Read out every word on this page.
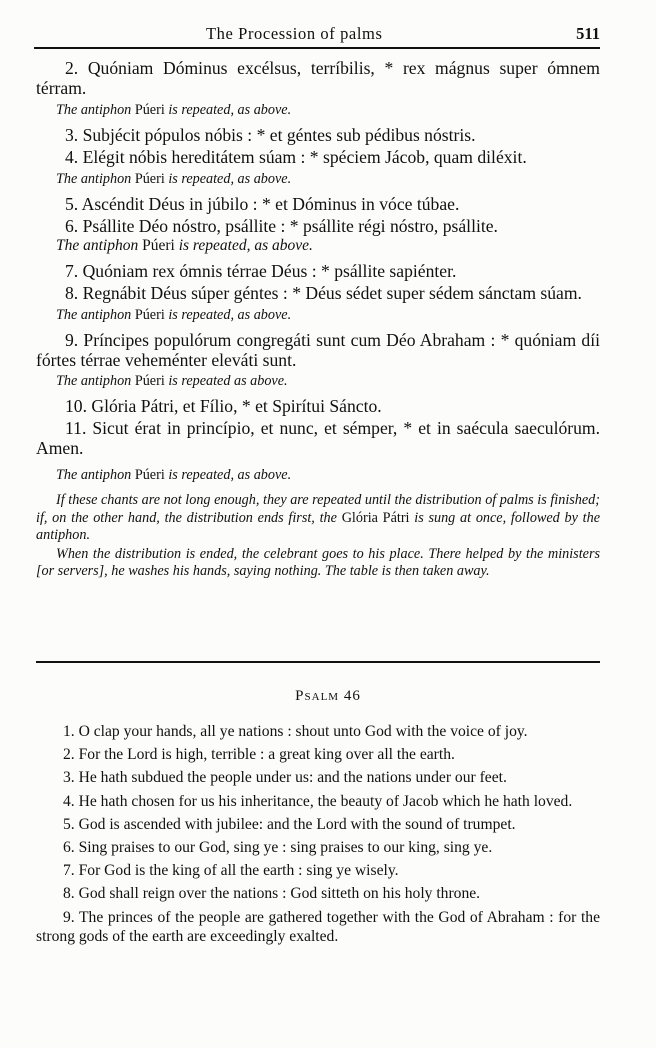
The Procession of palms	511

2. Quóniam Dóminus excélsus, terríbilis, * rex mágnus super ómnem térram.

The antiphon Púeri is repeated, as above.

3. Subjécit pópulos nóbis : * et géntes sub pédibus nóstris.

4. Elégit nóbis hereditátem súam : * spéciem Jácob, quam diléxit.

The antiphon Púeri is repeated, as above.

5. Ascéndit Déus in júbilo : * et Dóminus in vóce túbae.

6. Psállite Déo nóstro, psállite : * psállite régi nóstro, psállite.

The antiphon Púeri is repeated, as above.

7. Quóniam rex ómnis térrae Déus : * psállite sapiénter.

8. Regnábit Déus súper géntes : * Déus sédet super sédem sánctam súam.

The antiphon Púeri is repeated, as above.

9. Príncipes populórum congregáti sunt cum Déo Abraham : * quóniam díi fórtes térrae veheménter eleváti sunt.

The antiphon Púeri is repeated as above.

10. Glória Pátri, et Fílio, * et Spirítui Sáncto.

11. Sicut érat in princípio, et nunc, et sémper, * et in saécula saeculórum. Amen.

The antiphon Púeri is repeated, as above.

If these chants are not long enough, they are repeated until the distribution of palms is finished; if, on the other hand, the distribution ends first, the Glória Pátri is sung at once, followed by the antiphon.

When the distribution is ended, the celebrant goes to his place. There helped by the ministers [or servers], he washes his hands, saying nothing. The table is then taken away.

Psalm 46

1. O clap your hands, all ye nations : shout unto God with the voice of joy.

2. For the Lord is high, terrible : a great king over all the earth.

3. He hath subdued the people under us: and the nations under our feet.

4. He hath chosen for us his inheritance, the beauty of Jacob which he hath loved.

5. God is ascended with jubilee: and the Lord with the sound of trumpet.

6. Sing praises to our God, sing ye : sing praises to our king, sing ye.

7. For God is the king of all the earth : sing ye wisely.

8. God shall reign over the nations : God sitteth on his holy throne.

9. The princes of the people are gathered together with the God of Abraham : for the strong gods of the earth are exceedingly exalted.
